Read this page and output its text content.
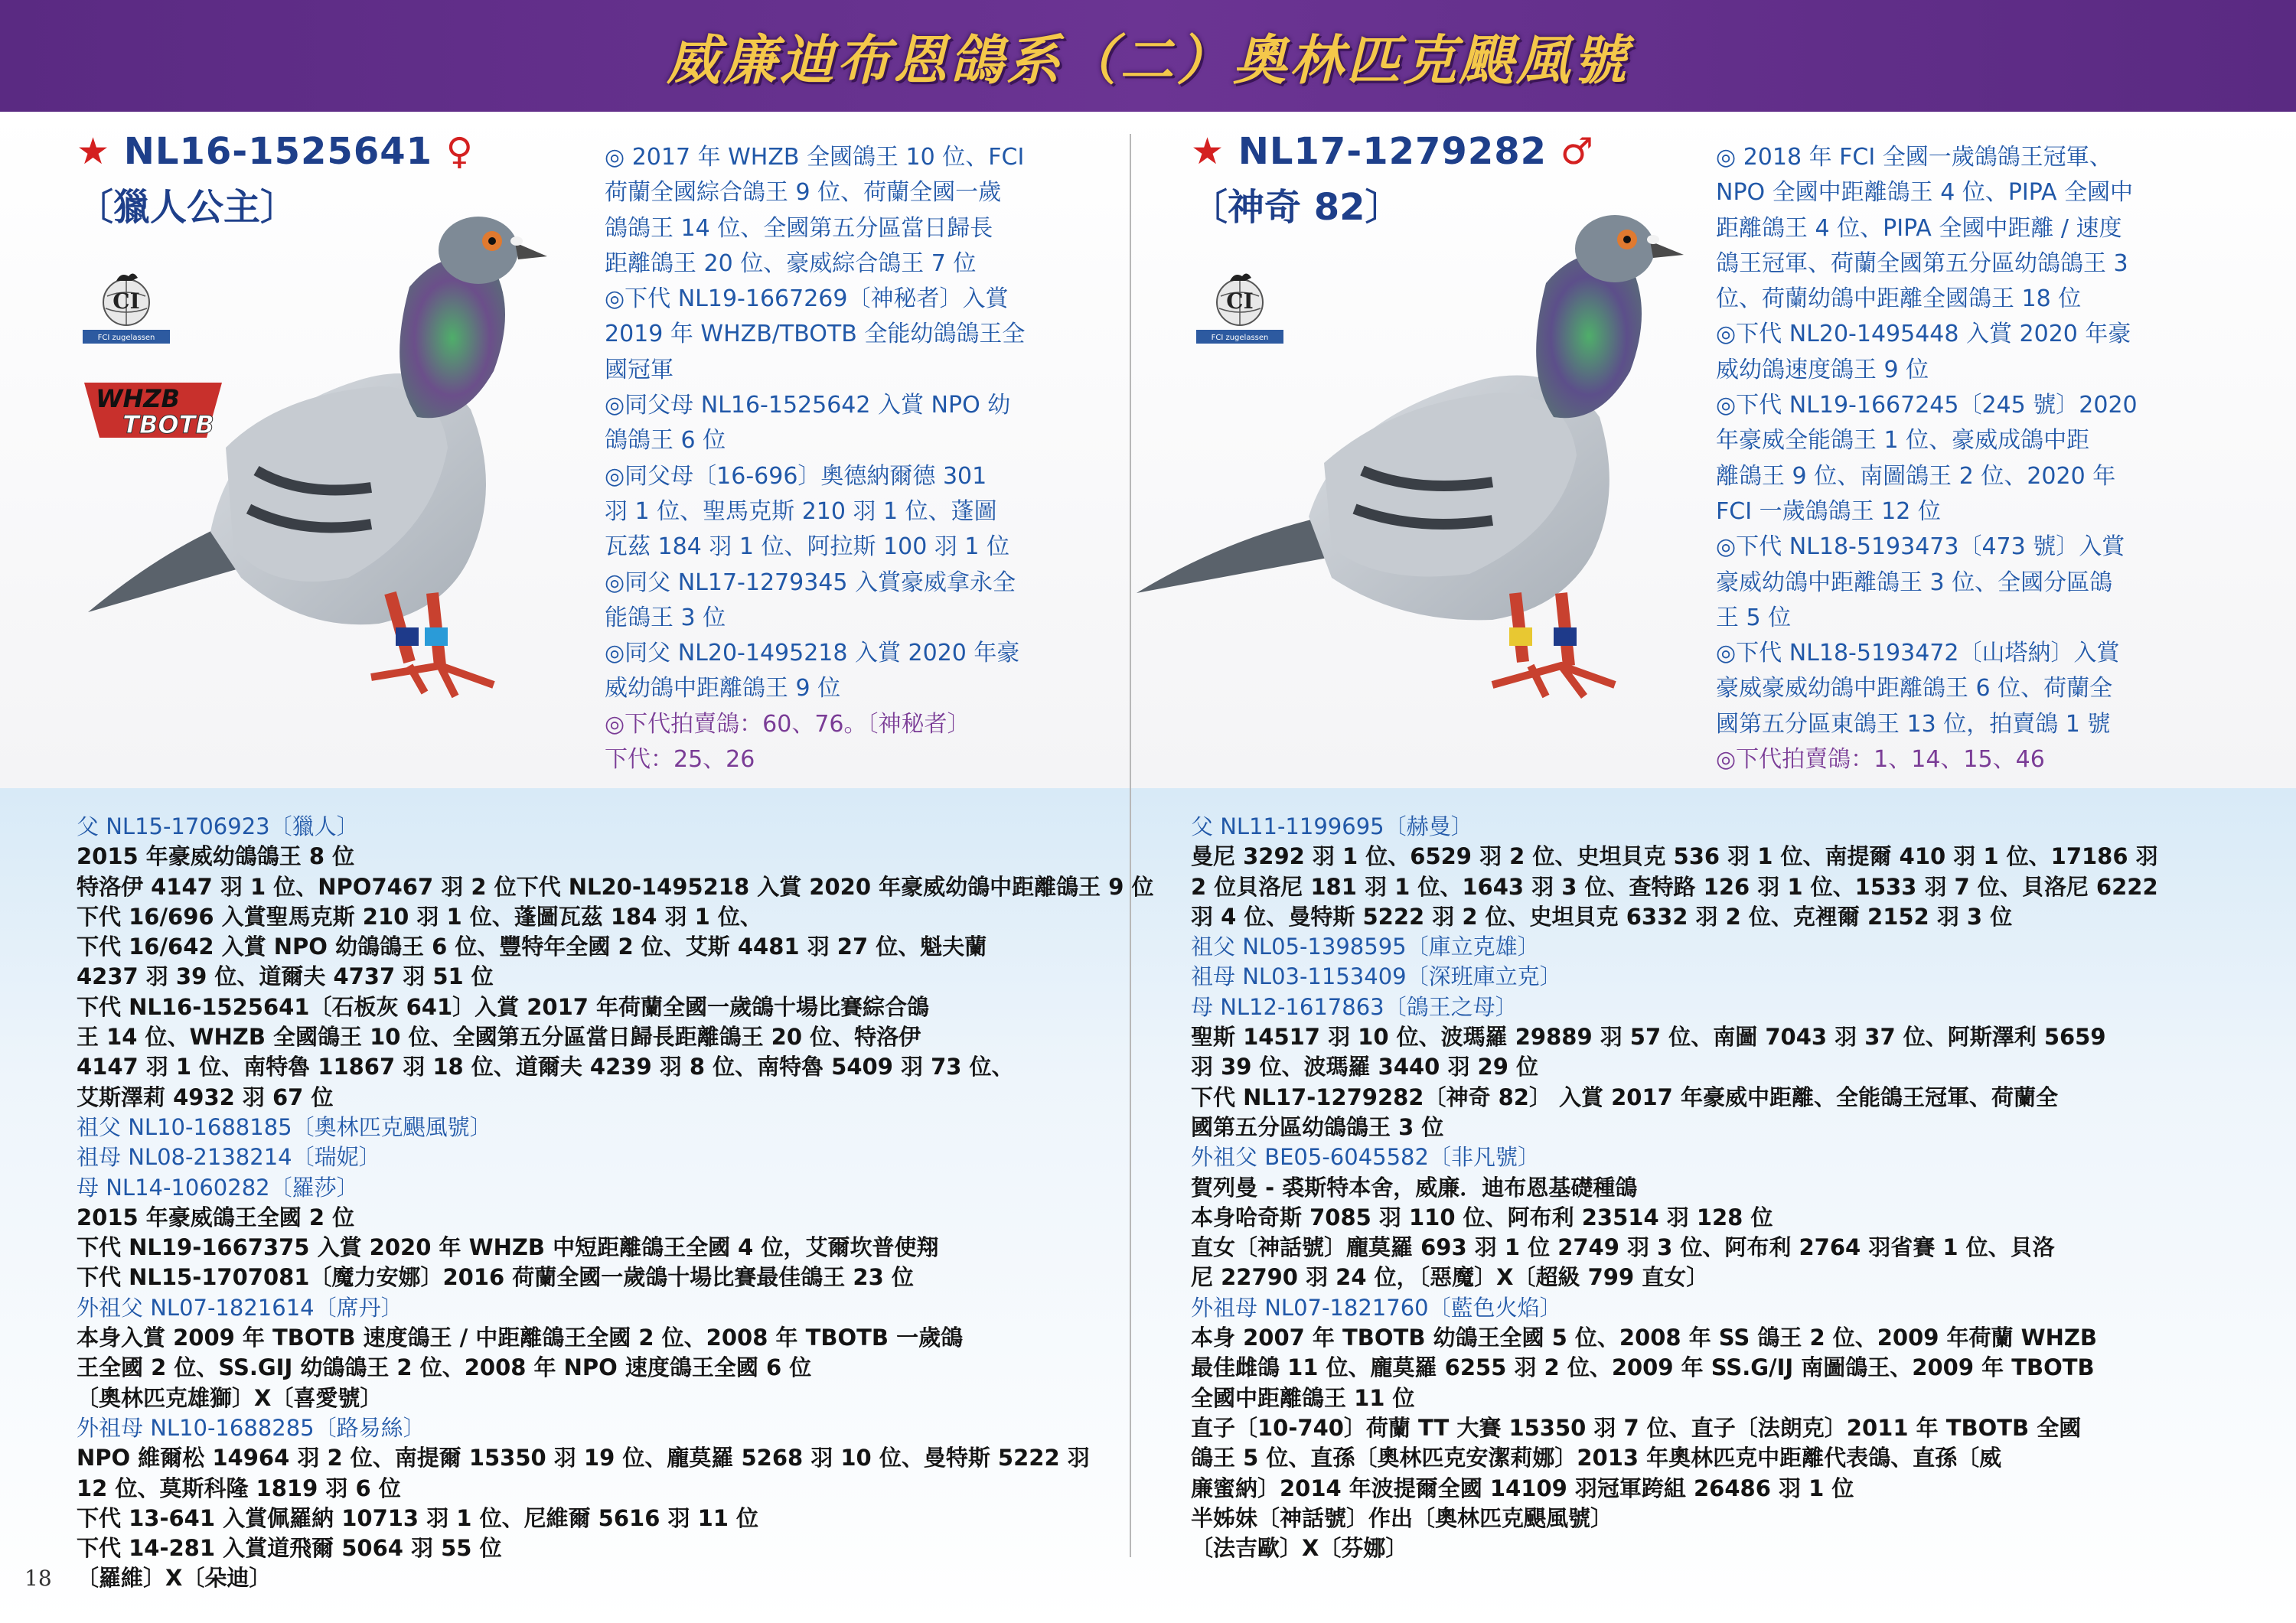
威廉迪布恩鴿系（二）奧林匹克颶風號
★ NL16-1525641 ♀
〔獵人公主〕
CI
FCI zugelassen
WHZB
TBOTB

◎ 2017 年 WHZB 全國鴿王 10 位、FCI

荷蘭全國綜合鴿王 9 位、荷蘭全國一歲

鴿鴿王 14 位、全國第五分區當日歸長

距離鴿王 20 位、豪威綜合鴿王 7 位

◎下代 NL19-1667269〔神秘者〕入賞

2019 年 WHZB/TBOTB 全能幼鴿鴿王全

國冠軍

◎同父母 NL16-1525642 入賞 NPO 幼

鴿鴿王 6 位

◎同父母〔16-696〕奧德納爾德 301

羽 1 位、聖馬克斯 210 羽 1 位、蓬圖

瓦茲 184 羽 1 位、阿拉斯 100 羽 1 位

◎同父 NL17-1279345 入賞豪威拿永全

能鴿王 3 位

◎同父 NL20-1495218 入賞 2020 年豪

威幼鴿中距離鴿王 9 位

◎下代拍賣鴿：60、76。〔神秘者〕

下代：25、26

父 NL15-1706923〔獵人〕

2015 年豪威幼鴿鴿王 8 位

特洛伊 4147 羽 1 位、NPO7467 羽 2 位下代 NL20-1495218 入賞 2020 年豪威幼鴿中距離鴿王 9 位

下代 16/696 入賞聖馬克斯 210 羽 1 位、蓬圖瓦茲 184 羽 1 位、

下代 16/642 入賞 NPO 幼鴿鴿王 6 位、豐特年全國 2 位、艾斯 4481 羽 27 位、魁夫蘭

4237 羽 39 位、道爾夫 4737 羽 51 位

下代 NL16-1525641〔石板灰 641〕入賞 2017 年荷蘭全國一歲鴿十場比賽綜合鴿

王 14 位、WHZB 全國鴿王 10 位、全國第五分區當日歸長距離鴿王 20 位、特洛伊

4147 羽 1 位、南特魯 11867 羽 18 位、道爾夫 4239 羽 8 位、南特魯 5409 羽 73 位、

艾斯澤莉 4932 羽 67 位

祖父 NL10-1688185〔奧林匹克颶風號〕

祖母 NL08-2138214〔瑞妮〕

母 NL14-1060282〔羅莎〕

2015 年豪威鴿王全國 2 位

下代 NL19-1667375 入賞 2020 年 WHZB 中短距離鴿王全國 4 位，艾爾坎普使翔

下代 NL15-1707081〔魔力安娜〕2016 荷蘭全國一歲鴿十場比賽最佳鴿王 23 位

外祖父 NL07-1821614〔席丹〕

本身入賞 2009 年 TBOTB 速度鴿王 / 中距離鴿王全國 2 位、2008 年 TBOTB 一歲鴿

王全國 2 位、SS.GIJ 幼鴿鴿王 2 位、2008 年 NPO 速度鴿王全國 6 位

〔奧林匹克雄獅〕X〔喜愛號〕

外祖母 NL10-1688285〔路易絲〕

NPO 維爾松 14964 羽 2 位、南提爾 15350 羽 19 位、龐莫羅 5268 羽 10 位、曼特斯 5222 羽

12 位、莫斯科隆 1819 羽 6 位

下代 13-641 入賞佩羅納 10713 羽 1 位、尼維爾 5616 羽 11 位

下代 14-281 入賞道飛爾 5064 羽 55 位

〔羅維〕X〔朵迪〕

★ NL17-1279282 ♂
〔神奇 82〕
CI
FCI zugelassen

◎ 2018 年 FCI 全國一歲鴿鴿王冠軍、

NPO 全國中距離鴿王 4 位、PIPA 全國中

距離鴿王 4 位、PIPA 全國中距離 / 速度

鴿王冠軍、荷蘭全國第五分區幼鴿鴿王 3

位、荷蘭幼鴿中距離全國鴿王 18 位

◎下代 NL20-1495448 入賞 2020 年豪

威幼鴿速度鴿王 9 位

◎下代 NL19-1667245〔245 號〕2020

年豪威全能鴿王 1 位、豪威成鴿中距

離鴿王 9 位、南圖鴿王 2 位、2020 年

FCI 一歲鴿鴿王 12 位

◎下代 NL18-5193473〔473 號〕入賞

豪威幼鴿中距離鴿王 3 位、全國分區鴿

王 5 位

◎下代 NL18-5193472〔山塔納〕入賞

豪威豪威幼鴿中距離鴿王 6 位、荷蘭全

國第五分區東鴿王 13 位，拍賣鴿 1 號

◎下代拍賣鴿：1、14、15、46

父 NL11-1199695〔赫曼〕

曼尼 3292 羽 1 位、6529 羽 2 位、史坦貝克 536 羽 1 位、南提爾 410 羽 1 位、17186 羽

2 位貝洛尼 181 羽 1 位、1643 羽 3 位、查特路 126 羽 1 位、1533 羽 7 位、貝洛尼 6222

羽 4 位、曼特斯 5222 羽 2 位、史坦貝克 6332 羽 2 位、克裡爾 2152 羽 3 位

祖父 NL05-1398595〔庫立克雄〕

祖母 NL03-1153409〔深班庫立克〕

母 NL12-1617863〔鴿王之母〕

聖斯 14517 羽 10 位、波瑪羅 29889 羽 57 位、南圖 7043 羽 37 位、阿斯澤利 5659

羽 39 位、波瑪羅 3440 羽 29 位

下代 NL17-1279282〔神奇 82〕 入賞 2017 年豪威中距離、全能鴿王冠軍、荷蘭全

國第五分區幼鴿鴿王 3 位

外祖父 BE05-6045582〔非凡號〕

賀列曼 - 裘斯特本舍，威廉．迪布恩基礎種鴿

本身哈奇斯 7085 羽 110 位、阿布利 23514 羽 128 位

直女〔神話號〕龐莫羅 693 羽 1 位 2749 羽 3 位、阿布利 2764 羽省賽 1 位、貝洛

尼 22790 羽 24 位，〔惡魔〕X〔超級 799 直女〕

外祖母 NL07-1821760〔藍色火焰〕

本身 2007 年 TBOTB 幼鴿王全國 5 位、2008 年 SS 鴿王 2 位、2009 年荷蘭 WHZB

最佳雌鴿 11 位、龐莫羅 6255 羽 2 位、2009 年 SS.G/IJ 南圖鴿王、2009 年 TBOTB

全國中距離鴿王 11 位

直子〔10-740〕荷蘭 TT 大賽 15350 羽 7 位、直子〔法朗克〕2011 年 TBOTB 全國

鴿王 5 位、直孫〔奧林匹克安潔莉娜〕2013 年奧林匹克中距離代表鴿、直孫〔威

廉蜜納〕2014 年波提爾全國 14109 羽冠軍跨組 26486 羽 1 位

半姊妹〔神話號〕作出〔奧林匹克颶風號〕

〔法吉歐〕X〔芬娜〕

18
